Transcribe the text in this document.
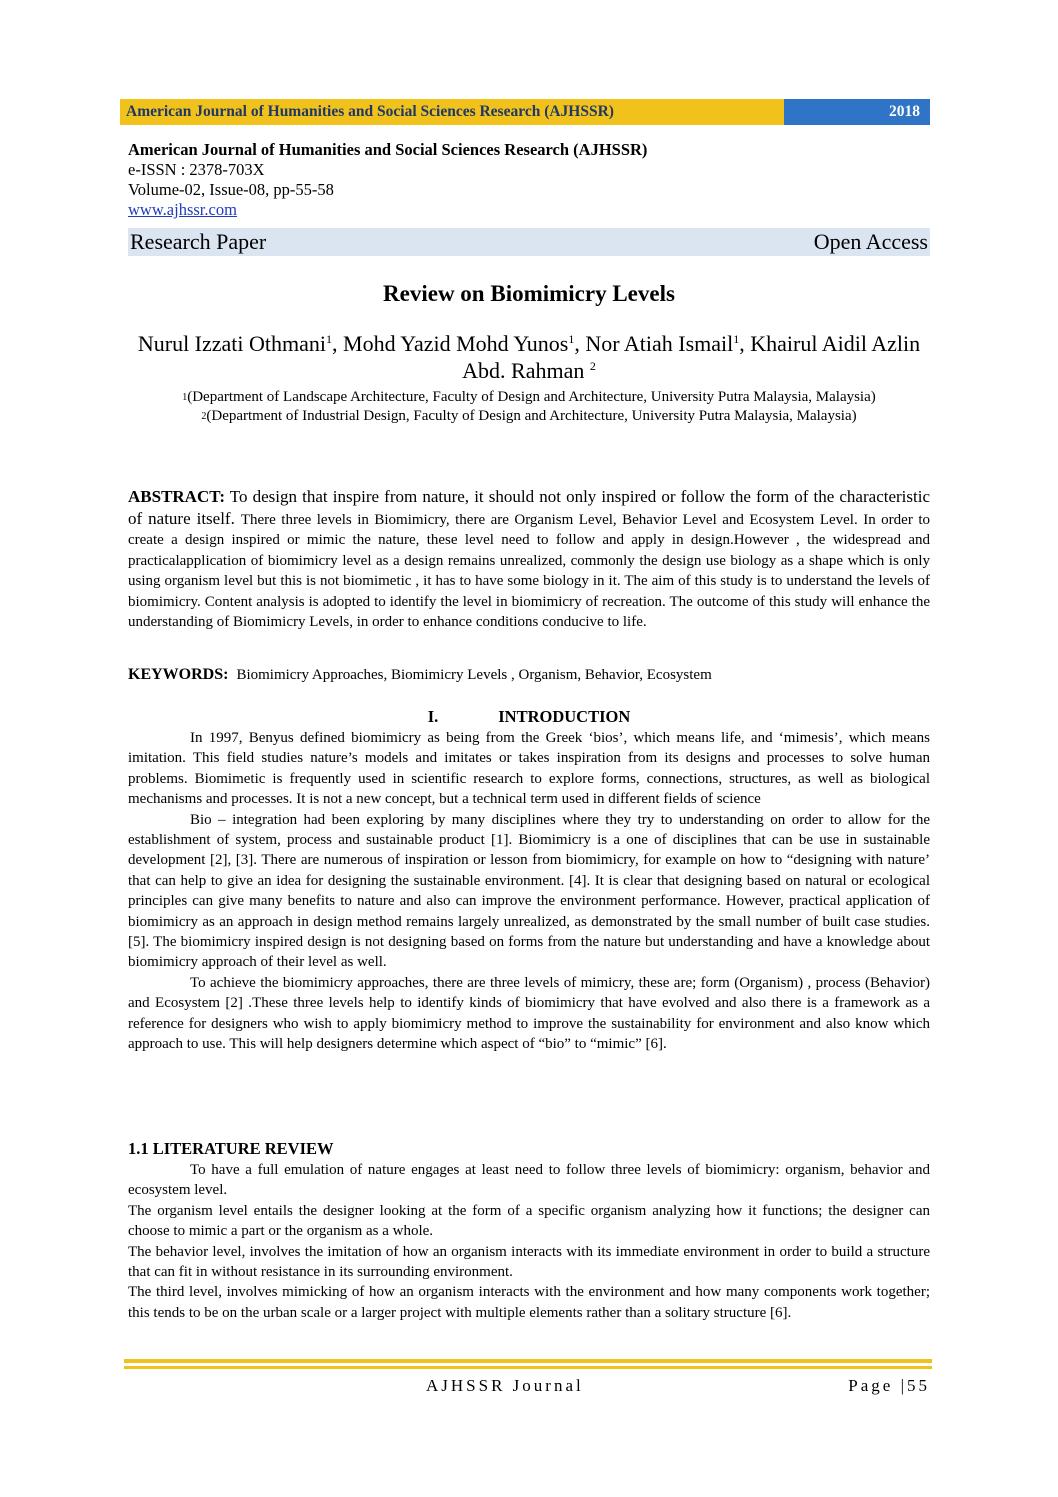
American Journal of Humanities and Social Sciences Research (AJHSSR)	2018
American Journal of Humanities and Social Sciences Research (AJHSSR)
e-ISSN : 2378-703X
Volume-02, Issue-08, pp-55-58
www.ajhssr.com
Research Paper	Open Access
Review on Biomimicry Levels
Nurul Izzati Othmani$^1$, Mohd Yazid Mohd Yunos$^1$, Nor Atiah Ismail$^1$, Khairul Aidil Azlin Abd. Rahman $^2$
$^1$(Department of Landscape Architecture, Faculty of Design and Architecture, University Putra Malaysia, Malaysia)
$^2$(Department of Industrial Design, Faculty of Design and Architecture, University Putra Malaysia, Malaysia)
ABSTRACT: To design that inspire from nature, it should not only inspired or follow the form of the characteristic of nature itself. There three levels in Biomimicry, there are Organism Level, Behavior Level and Ecosystem Level. In order to create a design inspired or mimic the nature, these level need to follow and apply in design.However , the widespread and practicalapplication of biomimicry level as a design remains unrealized, commonly the design use biology as a shape which is only using organism level but this is not biomimetic , it has to have some biology in it. The aim of this study is to understand the levels of biomimicry. Content analysis is adopted to identify the level in biomimicry of recreation. The outcome of this study will enhance the understanding of Biomimicry Levels, in order to enhance conditions conducive to life.
KEYWORDS: Biomimicry Approaches, Biomimicry Levels , Organism, Behavior, Ecosystem
I.	INTRODUCTION

In 1997, Benyus defined biomimicry as being from the Greek ‘bios’, which means life, and ‘mimesis’, which means imitation. This field studies nature’s models and imitates or takes inspiration from its designs and processes to solve human problems. Biomimetic is frequently used in scientific research to explore forms, connections, structures, as well as biological mechanisms and processes. It is not a new concept, but a technical term used in different fields of science

Bio – integration had been exploring by many disciplines where they try to understanding on order to allow for the establishment of system, process and sustainable product [1]. Biomimicry is a one of disciplines that can be use in sustainable development [2], [3]. There are numerous of inspiration or lesson from biomimicry, for example on how to “designing with nature’ that can help to give an idea for designing the sustainable environment. [4]. It is clear that designing based on natural or ecological principles can give many benefits to nature and also can improve the environment performance. However, practical application of biomimicry as an approach in design method remains largely unrealized, as demonstrated by the small number of built case studies. [5]. The biomimicry inspired design is not designing based on forms from the nature but understanding and have a knowledge about biomimicry approach of their level as well.

To achieve the biomimicry approaches, there are three levels of mimicry, these are; form (Organism) , process (Behavior) and Ecosystem [2] .These three levels help to identify kinds of biomimicry that have evolved and also there is a framework as a reference for designers who wish to apply biomimicry method to improve the sustainability for environment and also know which approach to use. This will help designers determine which aspect of “bio” to “mimic” [6].

1.1 LITERATURE REVIEW

To have a full emulation of nature engages at least need to follow three levels of biomimicry: organism, behavior and ecosystem level.

The organism level entails the designer looking at the form of a specific organism analyzing how it functions; the designer can choose to mimic a part or the organism as a whole.

The behavior level, involves the imitation of how an organism interacts with its immediate environment in order to build a structure that can fit in without resistance in its surrounding environment.

The third level, involves mimicking of how an organism interacts with the environment and how many components work together; this tends to be on the urban scale or a larger project with multiple elements rather than a solitary structure [6].

AJHSSR Journal	Page |55
